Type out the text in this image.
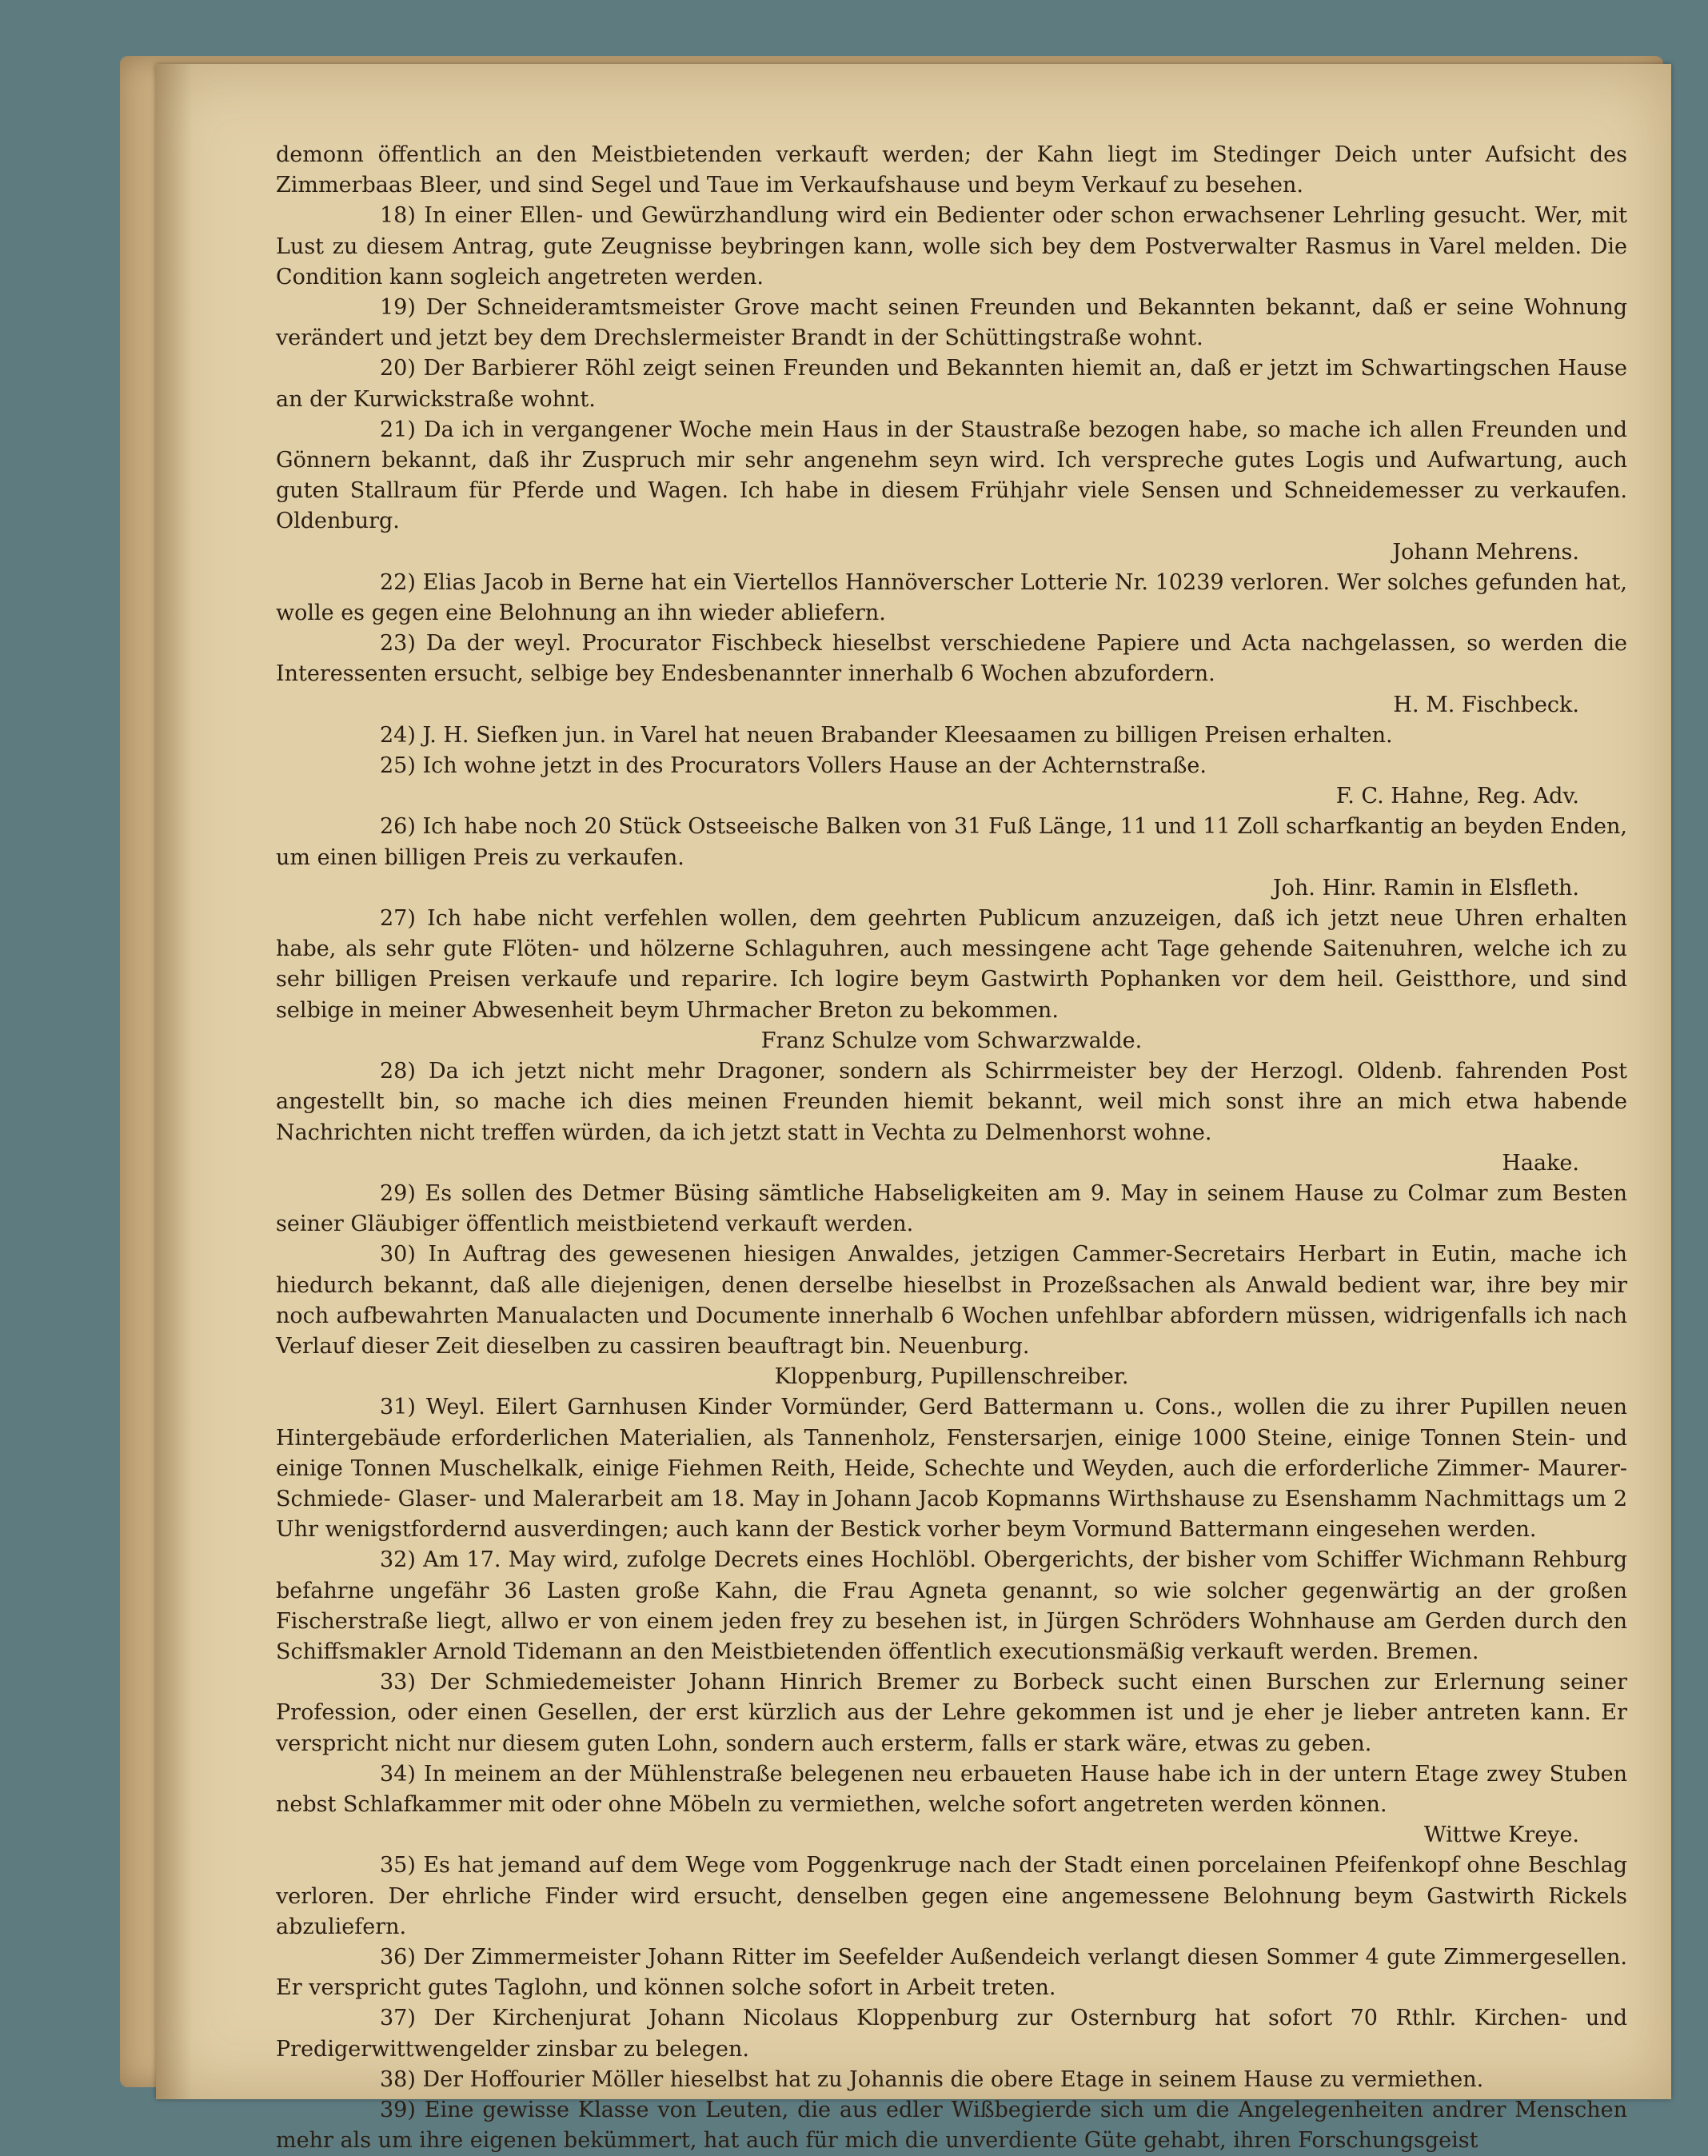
demonn öffentlich an den Meistbietenden verkauft werden; der Kahn liegt im Stedinger Deich unter Aufsicht des Zimmerbaas Bleer, und sind Segel und Taue im Verkaufshause und beym Verkauf zu besehen.

18) In einer Ellen- und Gewürzhandlung wird ein Bedienter oder schon erwachsener Lehrling gesucht. Wer, mit Lust zu diesem Antrag, gute Zeugnisse beybringen kann, wolle sich bey dem Postverwalter Rasmus in Varel melden. Die Condition kann sogleich angetreten werden.

19) Der Schneideramtsmeister Grove macht seinen Freunden und Bekannten bekannt, daß er seine Wohnung verändert und jetzt bey dem Drechslermeister Brandt in der Schüttingstraße wohnt.

20) Der Barbierer Röhl zeigt seinen Freunden und Bekannten hiemit an, daß er jetzt im Schwartingschen Hause an der Kurwickstraße wohnt.

21) Da ich in vergangener Woche mein Haus in der Staustraße bezogen habe, so mache ich allen Freunden und Gönnern bekannt, daß ihr Zuspruch mir sehr angenehm seyn wird. Ich verspreche gutes Logis und Aufwartung, auch guten Stallraum für Pferde und Wagen. Ich habe in diesem Frühjahr viele Sensen und Schneidemesser zu verkaufen. Oldenburg.
Johann Mehrens.

22) Elias Jacob in Berne hat ein Viertellos Hannöverscher Lotterie Nr. 10239 verloren. Wer solches gefunden hat, wolle es gegen eine Belohnung an ihn wieder abliefern.

23) Da der weyl. Procurator Fischbeck hieselbst verschiedene Papiere und Acta nachgelassen, so werden die Interessenten ersucht, selbige bey Endesbenannter innerhalb 6 Wochen abzufordern.
H. M. Fischbeck.

24) J. H. Siefken jun. in Varel hat neuen Brabander Kleesaamen zu billigen Preisen erhalten.

25) Ich wohne jetzt in des Procurators Vollers Hause an der Achternstraße.
F. C. Hahne, Reg. Adv.

26) Ich habe noch 20 Stück Ostseeische Balken von 31 Fuß Länge, 11 und 11 Zoll scharfkantig an beyden Enden, um einen billigen Preis zu verkaufen.
Joh. Hinr. Ramin in Elsfleth.

27) Ich habe nicht verfehlen wollen, dem geehrten Publicum anzuzeigen, daß ich jetzt neue Uhren erhalten habe, als sehr gute Flöten- und hölzerne Schlaguhren, auch messingene acht Tage gehende Saitenuhren, welche ich zu sehr billigen Preisen verkaufe und reparire. Ich logire beym Gastwirth Pophanken vor dem heil. Geistthore, und sind selbige in meiner Abwesenheit beym Uhrmacher Breton zu bekommen.
Franz Schulze vom Schwarzwalde.

28) Da ich jetzt nicht mehr Dragoner, sondern als Schirrmeister bey der Herzogl. Oldenb. fahrenden Post angestellt bin, so mache ich dies meinen Freunden hiemit bekannt, weil mich sonst ihre an mich etwa habende Nachrichten nicht treffen würden, da ich jetzt statt in Vechta zu Delmenhorst wohne.
Haake.

29) Es sollen des Detmer Büsing sämtliche Habseligkeiten am 9. May in seinem Hause zu Colmar zum Besten seiner Gläubiger öffentlich meistbietend verkauft werden.

30) In Auftrag des gewesenen hiesigen Anwaldes, jetzigen Cammer-Secretairs Herbart in Eutin, mache ich hiedurch bekannt, daß alle diejenigen, denen derselbe hieselbst in Prozeßsachen als Anwald bedient war, ihre bey mir noch aufbewahrten Manualacten und Documente innerhalb 6 Wochen unfehlbar abfordern müssen, widrigenfalls ich nach Verlauf dieser Zeit dieselben zu cassiren beauftragt bin. Neuenburg.
Kloppenburg, Pupillenschreiber.

31) Weyl. Eilert Garnhusen Kinder Vormünder, Gerd Battermann u. Cons., wollen die zu ihrer Pupillen neuen Hintergebäude erforderlichen Materialien, als Tannenholz, Fenstersarjen, einige 1000 Steine, einige Tonnen Stein- und einige Tonnen Muschelkalk, einige Fiehmen Reith, Heide, Schechte und Weyden, auch die erforderliche Zimmer- Maurer- Schmiede- Glaser- und Malerarbeit am 18. May in Johann Jacob Kopmanns Wirthshause zu Esenshamm Nachmittags um 2 Uhr wenigstfordernd ausverdingen; auch kann der Bestick vorher beym Vormund Battermann eingesehen werden.

32) Am 17. May wird, zufolge Decrets eines Hochlöbl. Obergerichts, der bisher vom Schiffer Wichmann Rehburg befahrne ungefähr 36 Lasten große Kahn, die Frau Agneta genannt, so wie solcher gegenwärtig an der großen Fischerstraße liegt, allwo er von einem jeden frey zu besehen ist, in Jürgen Schröders Wohnhause am Gerden durch den Schiffsmakler Arnold Tidemann an den Meistbietenden öffentlich executionsmäßig verkauft werden. Bremen.

33) Der Schmiedemeister Johann Hinrich Bremer zu Borbeck sucht einen Burschen zur Erlernung seiner Profession, oder einen Gesellen, der erst kürzlich aus der Lehre gekommen ist und je eher je lieber antreten kann. Er verspricht nicht nur diesem guten Lohn, sondern auch ersterm, falls er stark wäre, etwas zu geben.

34) In meinem an der Mühlenstraße belegenen neu erbaueten Hause habe ich in der untern Etage zwey Stuben nebst Schlafkammer mit oder ohne Möbeln zu vermiethen, welche sofort angetreten werden können.
Wittwe Kreye.

35) Es hat jemand auf dem Wege vom Poggenkruge nach der Stadt einen porcelainen Pfeifenkopf ohne Beschlag verloren. Der ehrliche Finder wird ersucht, denselben gegen eine angemessene Belohnung beym Gastwirth Rickels abzuliefern.

36) Der Zimmermeister Johann Ritter im Seefelder Außendeich verlangt diesen Sommer 4 gute Zimmergesellen. Er verspricht gutes Taglohn, und können solche sofort in Arbeit treten.

37) Der Kirchenjurat Johann Nicolaus Kloppenburg zur Osternburg hat sofort 70 Rthlr. Kirchen- und Predigerwittwengelder zinsbar zu belegen.

38) Der Hoffourier Möller hieselbst hat zu Johannis die obere Etage in seinem Hause zu vermiethen.

39) Eine gewisse Klasse von Leuten, die aus edler Wißbegierde sich um die Angelegenheiten andrer Menschen mehr als um ihre eigenen bekümmert, hat auch für mich die unverdiente Güte gehabt, ihren Forschungsgeist
